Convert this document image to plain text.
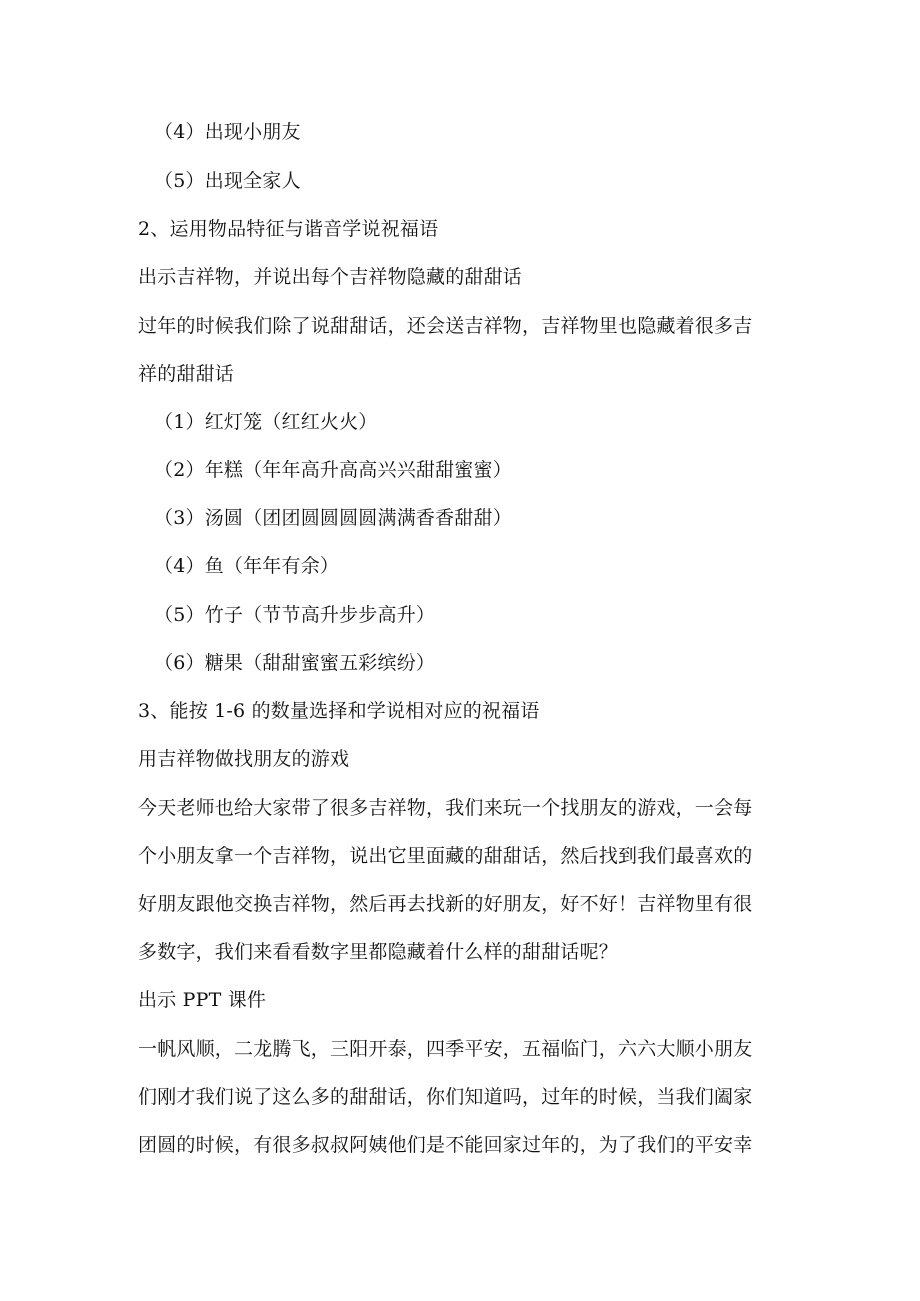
（4）出现小朋友
（5）出现全家人
2、运用物品特征与谐音学说祝福语
出示吉祥物，并说出每个吉祥物隐藏的甜甜话
过年的时候我们除了说甜甜话，还会送吉祥物，吉祥物里也隐藏着很多吉
祥的甜甜话
（1）红灯笼（红红火火）
（2）年糕（年年高升高高兴兴甜甜蜜蜜）
（3）汤圆（团团圆圆圆圆满满香香甜甜）
（4）鱼（年年有余）
（5）竹子（节节高升步步高升）
（6）糖果（甜甜蜜蜜五彩缤纷）
3、能按 1-6 的数量选择和学说相对应的祝福语
用吉祥物做找朋友的游戏
今天老师也给大家带了很多吉祥物，我们来玩一个找朋友的游戏，一会每
个小朋友拿一个吉祥物，说出它里面藏的甜甜话，然后找到我们最喜欢的
好朋友跟他交换吉祥物，然后再去找新的好朋友，好不好！吉祥物里有很
多数字，我们来看看数字里都隐藏着什么样的甜甜话呢？
出示 PPT 课件
一帆风顺，二龙腾飞，三阳开泰，四季平安，五福临门，六六大顺小朋友
们刚才我们说了这么多的甜甜话，你们知道吗，过年的时候，当我们阖家
团圆的时候，有很多叔叔阿姨他们是不能回家过年的，为了我们的平安幸
